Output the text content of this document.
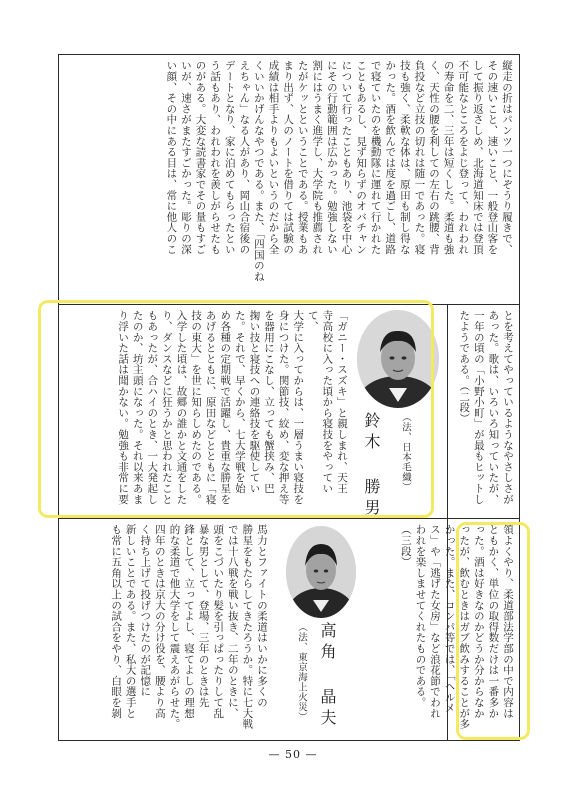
縦走の折はパンツ一つにぞうり履きで、
その速いこと、速いこと、一般登山客を
して振り返さしめ、北海道知床では登頂
不可能なところをよじ登って、われわれ
の寿命を二、三年は短くした。柔道も強
く、天性の腰を利しての左右の跳腰、背
負投など立技の切れは随一であった。寝
技も強く、柔軟な体は、原田も制し得な
かった。酒を飲んでは度を過ごし、道路
で寝ていたのを機動隊に運れて行かれた
こともあるし、見ず知らずのオバチャン
について行ったこともあり、池袋を中心
にその行動範囲は広かった。勉強しない
割にはうまく進学し、大学院も推薦され
たがケッとということである。授業もあ
まり出ず、人のノートを借りては試験の
成績は相手よりもよいというのだから全
くいいかげんなやつである。また、「四国のね
えちゃん」なる人があり、岡山合宿後の
デートとなり、家に泊めてもらったとい
う話もあり、われわれを羨しがらせたも
のがある。大変な読書家でその量もすご
いが、速さがまたすごかった。彫りの深
い顔、その中にある目は、常に他人のこ
とを考えてやっているようなやさしさが
あった。歌は、いろいろ知っていたが、
一年の頃の「小野小町」が最もヒットし
たようである。（二段）
鈴木 勝男 （法、日本毛織）
「ガニー・スズキ」と親しまれ、天王
寺高校に入った頃から寝技をやっていて、
大学に入ってからは、一層うまい寝技を
身につけた。関節技、絞め、変な押え等
を器用にこなし、立っても蟹挟み、巴
掬い技と寝技への連絡技を駆使してい
た。それで、早くから、七大学戦を始
め各種の定期戦で活躍し、貴重な勝星を
あげるとともに、原田などとともに「寝
技の東大」を世に知らしめたのである。
入学した頃は、故郷の誰かと文通をした
り、ダンスなどに狂うかと思われたこと
もあったが、合ハイのとき、一大発起し
たのか、坊主頭になった。それ以来あま
り浮いた話は聞かない。勉強も非常に要
領よくやり、柔道部法学部の中で内容は
ともかく、単位の取得数だけは一番多か
った。酒は好きなのかどうか分からなか
ったが、飲むときはガブ飲みすることが多
かった。また、コンパ等では、「ヘルメ
ス」や「逃げた女房」など浪花節でわれ
われを楽しませてくれたものである。
（三段）
高角 晶夫
（法、東京海上火災）
馬力とファイトの柔道はいかに多くの
勝星をもたらしてきたろうか。特に七大戦
では十八戦を戦い抜き、二年のときに、
頭をこづいたり髪を引っぱったりして乱
暴な男として、登場、三年のときは先
鋒として、立ってよし、寝てよしの理想
的な柔道で他大学をして震えあがらせた。
四年のときは京大の分け役を、腰より高
く持ち上げて投げつけたのが記憶に
新しいことである。また、私大の選手と
も常に五角以上の試合をやり、白眼を剝
— 50 —
